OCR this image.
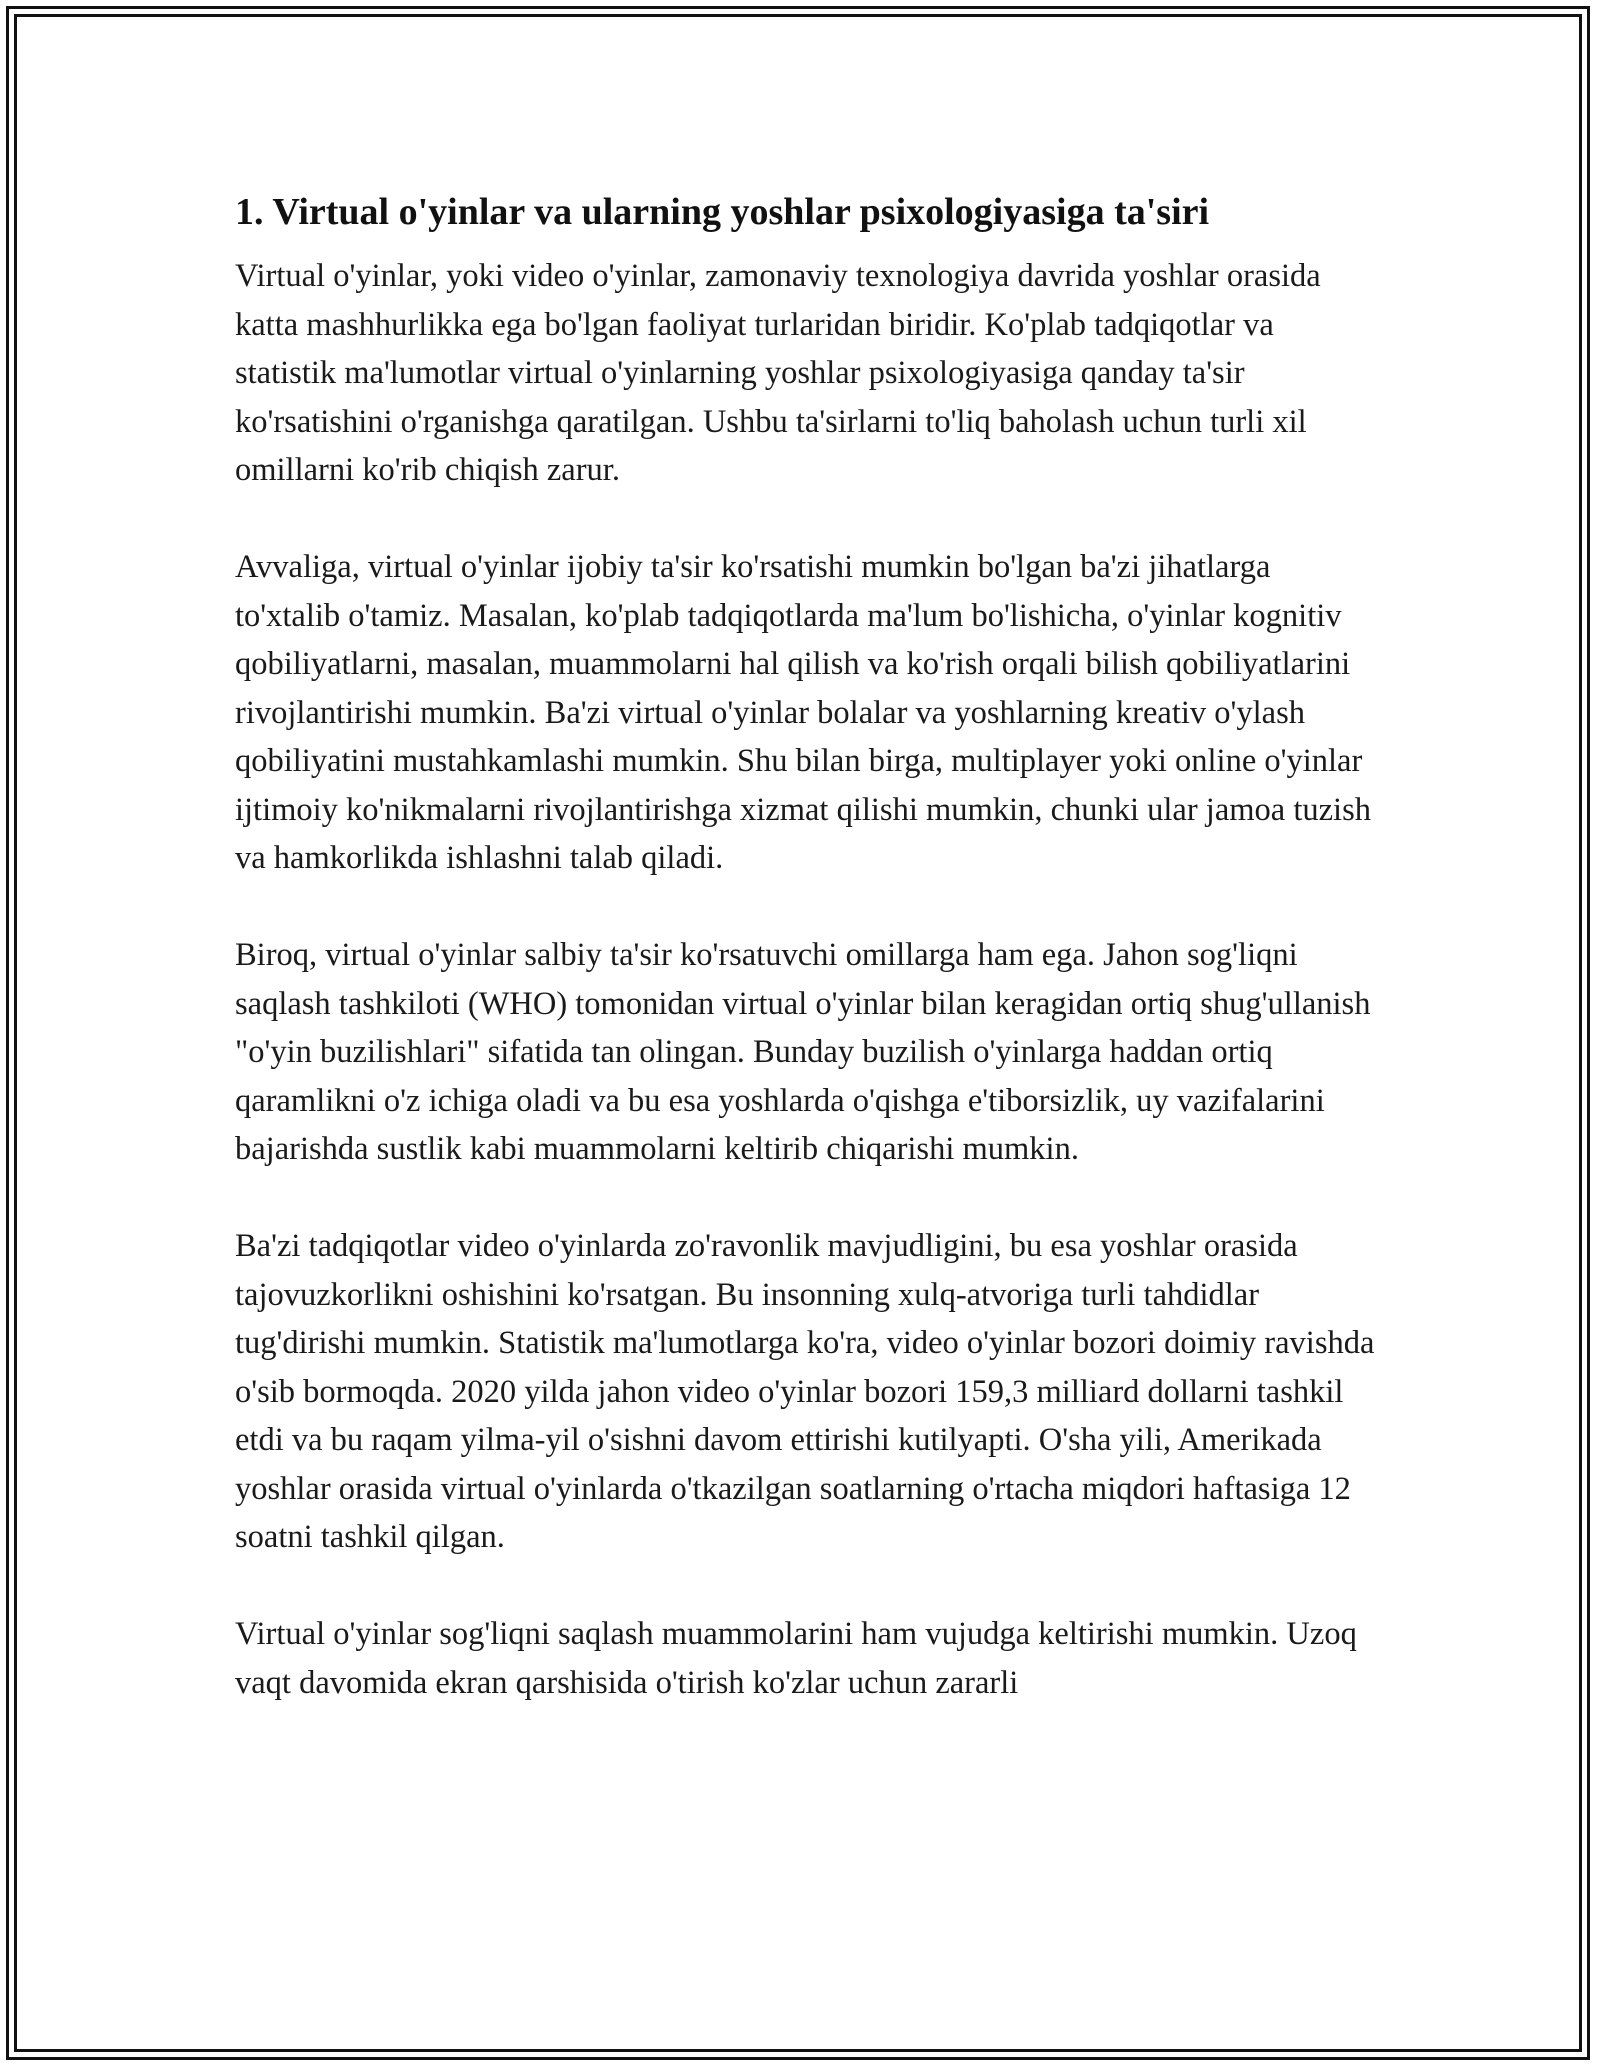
1. Virtual o'yinlar va ularning yoshlar psixologiyasiga ta'siri

Virtual o'yinlar, yoki video o'yinlar, zamonaviy texnologiya davrida yoshlar orasida katta mashhurlikka ega bo'lgan faoliyat turlaridan biridir. Ko'plab tadqiqotlar va statistik ma'lumotlar virtual o'yinlarning yoshlar psixologiyasiga qanday ta'sir ko'rsatishini o'rganishga qaratilgan. Ushbu ta'sirlarni to'liq baholash uchun turli xil omillarni ko'rib chiqish zarur.

Avvaliga, virtual o'yinlar ijobiy ta'sir ko'rsatishi mumkin bo'lgan ba'zi jihatlarga to'xtalib o'tamiz. Masalan, ko'plab tadqiqotlarda ma'lum bo'lishicha, o'yinlar kognitiv qobiliyatlarni, masalan, muammolarni hal qilish va ko'rish orqali bilish qobiliyatlarini rivojlantirishi mumkin. Ba'zi virtual o'yinlar bolalar va yoshlarning kreativ o'ylash qobiliyatini mustahkamlashi mumkin. Shu bilan birga, multiplayer yoki online o'yinlar ijtimoiy ko'nikmalarni rivojlantirishga xizmat qilishi mumkin, chunki ular jamoa tuzish va hamkorlikda ishlashni talab qiladi.

Biroq, virtual o'yinlar salbiy ta'sir ko'rsatuvchi omillarga ham ega. Jahon sog'liqni saqlash tashkiloti (WHO) tomonidan virtual o'yinlar bilan keragidan ortiq shug'ullanish "o'yin buzilishlari" sifatida tan olingan. Bunday buzilish o'yinlarga haddan ortiq qaramlikni o'z ichiga oladi va bu esa yoshlarda o'qishga e'tiborsizlik, uy vazifalarini bajarishda sustlik kabi muammolarni keltirib chiqarishi mumkin.

Ba'zi tadqiqotlar video o'yinlarda zo'ravonlik mavjudligini, bu esa yoshlar orasida tajovuzkorlikni oshishini ko'rsatgan. Bu insonning xulq-atvoriga turli tahdidlar tug'dirishi mumkin. Statistik ma'lumotlarga ko'ra, video o'yinlar bozori doimiy ravishda o'sib bormoqda. 2020 yilda jahon video o'yinlar bozori 159,3 milliard dollarni tashkil etdi va bu raqam yilma-yil o'sishni davom ettirishi kutilyapti. O'sha yili, Amerikada yoshlar orasida virtual o'yinlarda o'tkazilgan soatlarning o'rtacha miqdori haftasiga 12 soatni tashkil qilgan.

Virtual o'yinlar sog'liqni saqlash muammolarini ham vujudga keltirishi mumkin. Uzoq vaqt davomida ekran qarshisida o'tirish ko'zlar uchun zararli
